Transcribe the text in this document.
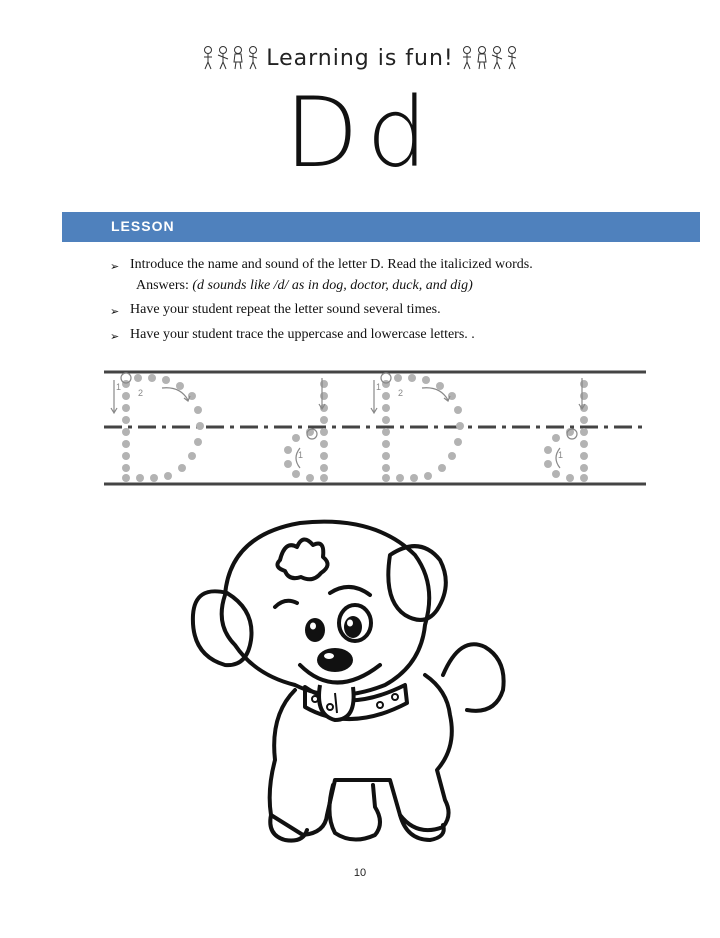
Learning is fun!
Dd
LESSON
➢ Introduce the name and sound of the letter D. Read the italicized words.
Answers: (d sounds like /d/ as in dog, doctor, duck, and dig)
➢ Have your student repeat the letter sound several times.
➢ Have your student trace the uppercase and lowercase letters. .
1
2
1
1
2
1
10
